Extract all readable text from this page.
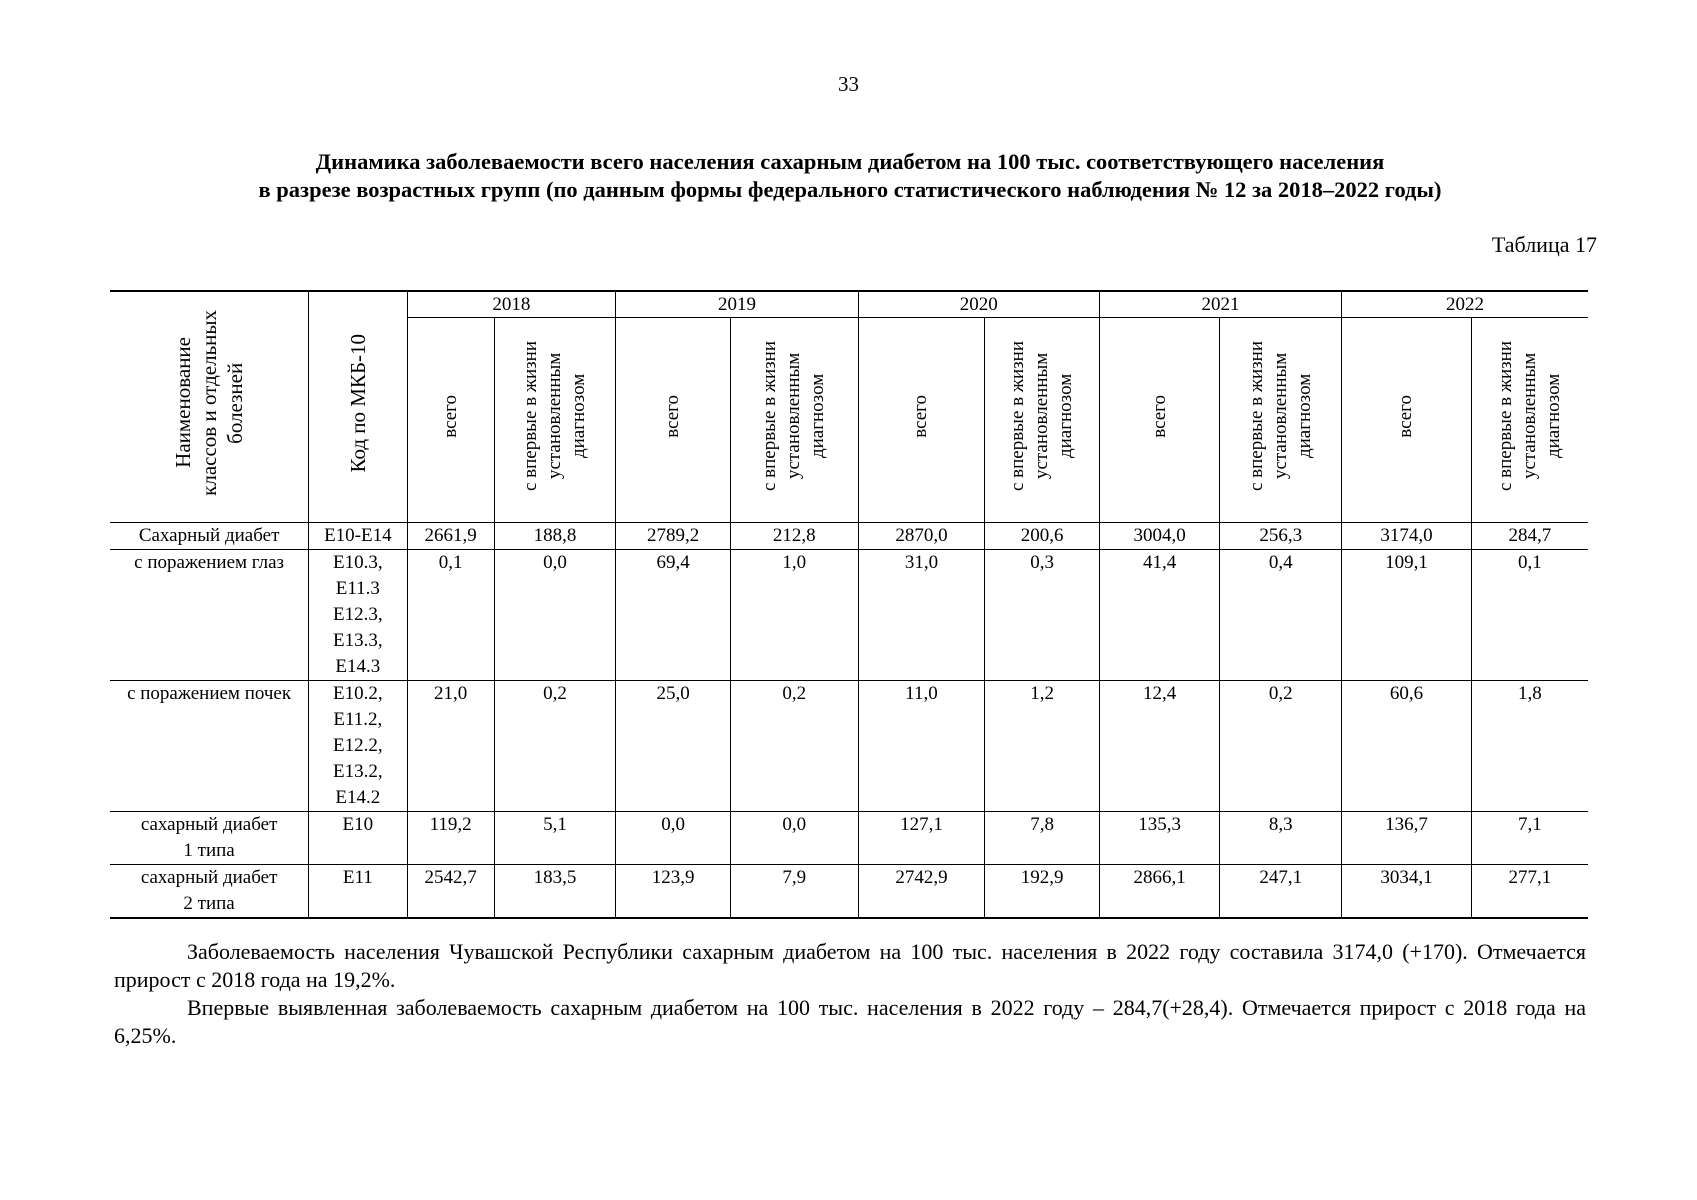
33
Динамика заболеваемости всего населения сахарным диабетом на 100 тыс. соответствующего населения
в разрезе возрастных групп (по данным формы федерального статистического наблюдения № 12 за 2018–2022 годы)
Таблица 17
Наименование
классов и отдельных
болезней	Код по МКБ-10	2018		2019		2020		2021		2022	
		всего	с впервые в жизни
установленным
диагнозом	всего	с впервые в жизни
установленным
диагнозом	всего	с впервые в жизни
установленным
диагнозом	всего	с впервые в жизни
установленным
диагнозом	всего	с впервые в жизни
установленным
диагнозом
Сахарный диабет	Е10-Е14	2661,9	188,8	2789,2	212,8	2870,0	200,6	3004,0	256,3	3174,0	284,7
с поражением глаз	Е10.3,
Е11.3
Е12.3,
Е13.3,
Е14.3	0,1	0,0	69,4	1,0	31,0	0,3	41,4	0,4	109,1	0,1
с поражением почек	Е10.2,
Е11.2,
Е12.2,
Е13.2,
Е14.2	21,0	0,2	25,0	0,2	11,0	1,2	12,4	0,2	60,6	1,8
сахарный диабет
1 типа	Е10	119,2	5,1	0,0	0,0	127,1	7,8	135,3	8,3	136,7	7,1
сахарный диабет
2 типа	Е11	2542,7	183,5	123,9	7,9	2742,9	192,9	2866,1	247,1	3034,1	277,1

Заболеваемость населения Чувашской Республики сахарным диабетом на 100 тыс. населения в 2022 году составила 3174,0 (+170). Отмечается прирост с 2018 года на 19,2%.

Впервые выявленная заболеваемость сахарным диабетом на 100 тыс. населения в 2022 году – 284,7(+28,4). Отмечается прирост с 2018 года на 6,25%.
